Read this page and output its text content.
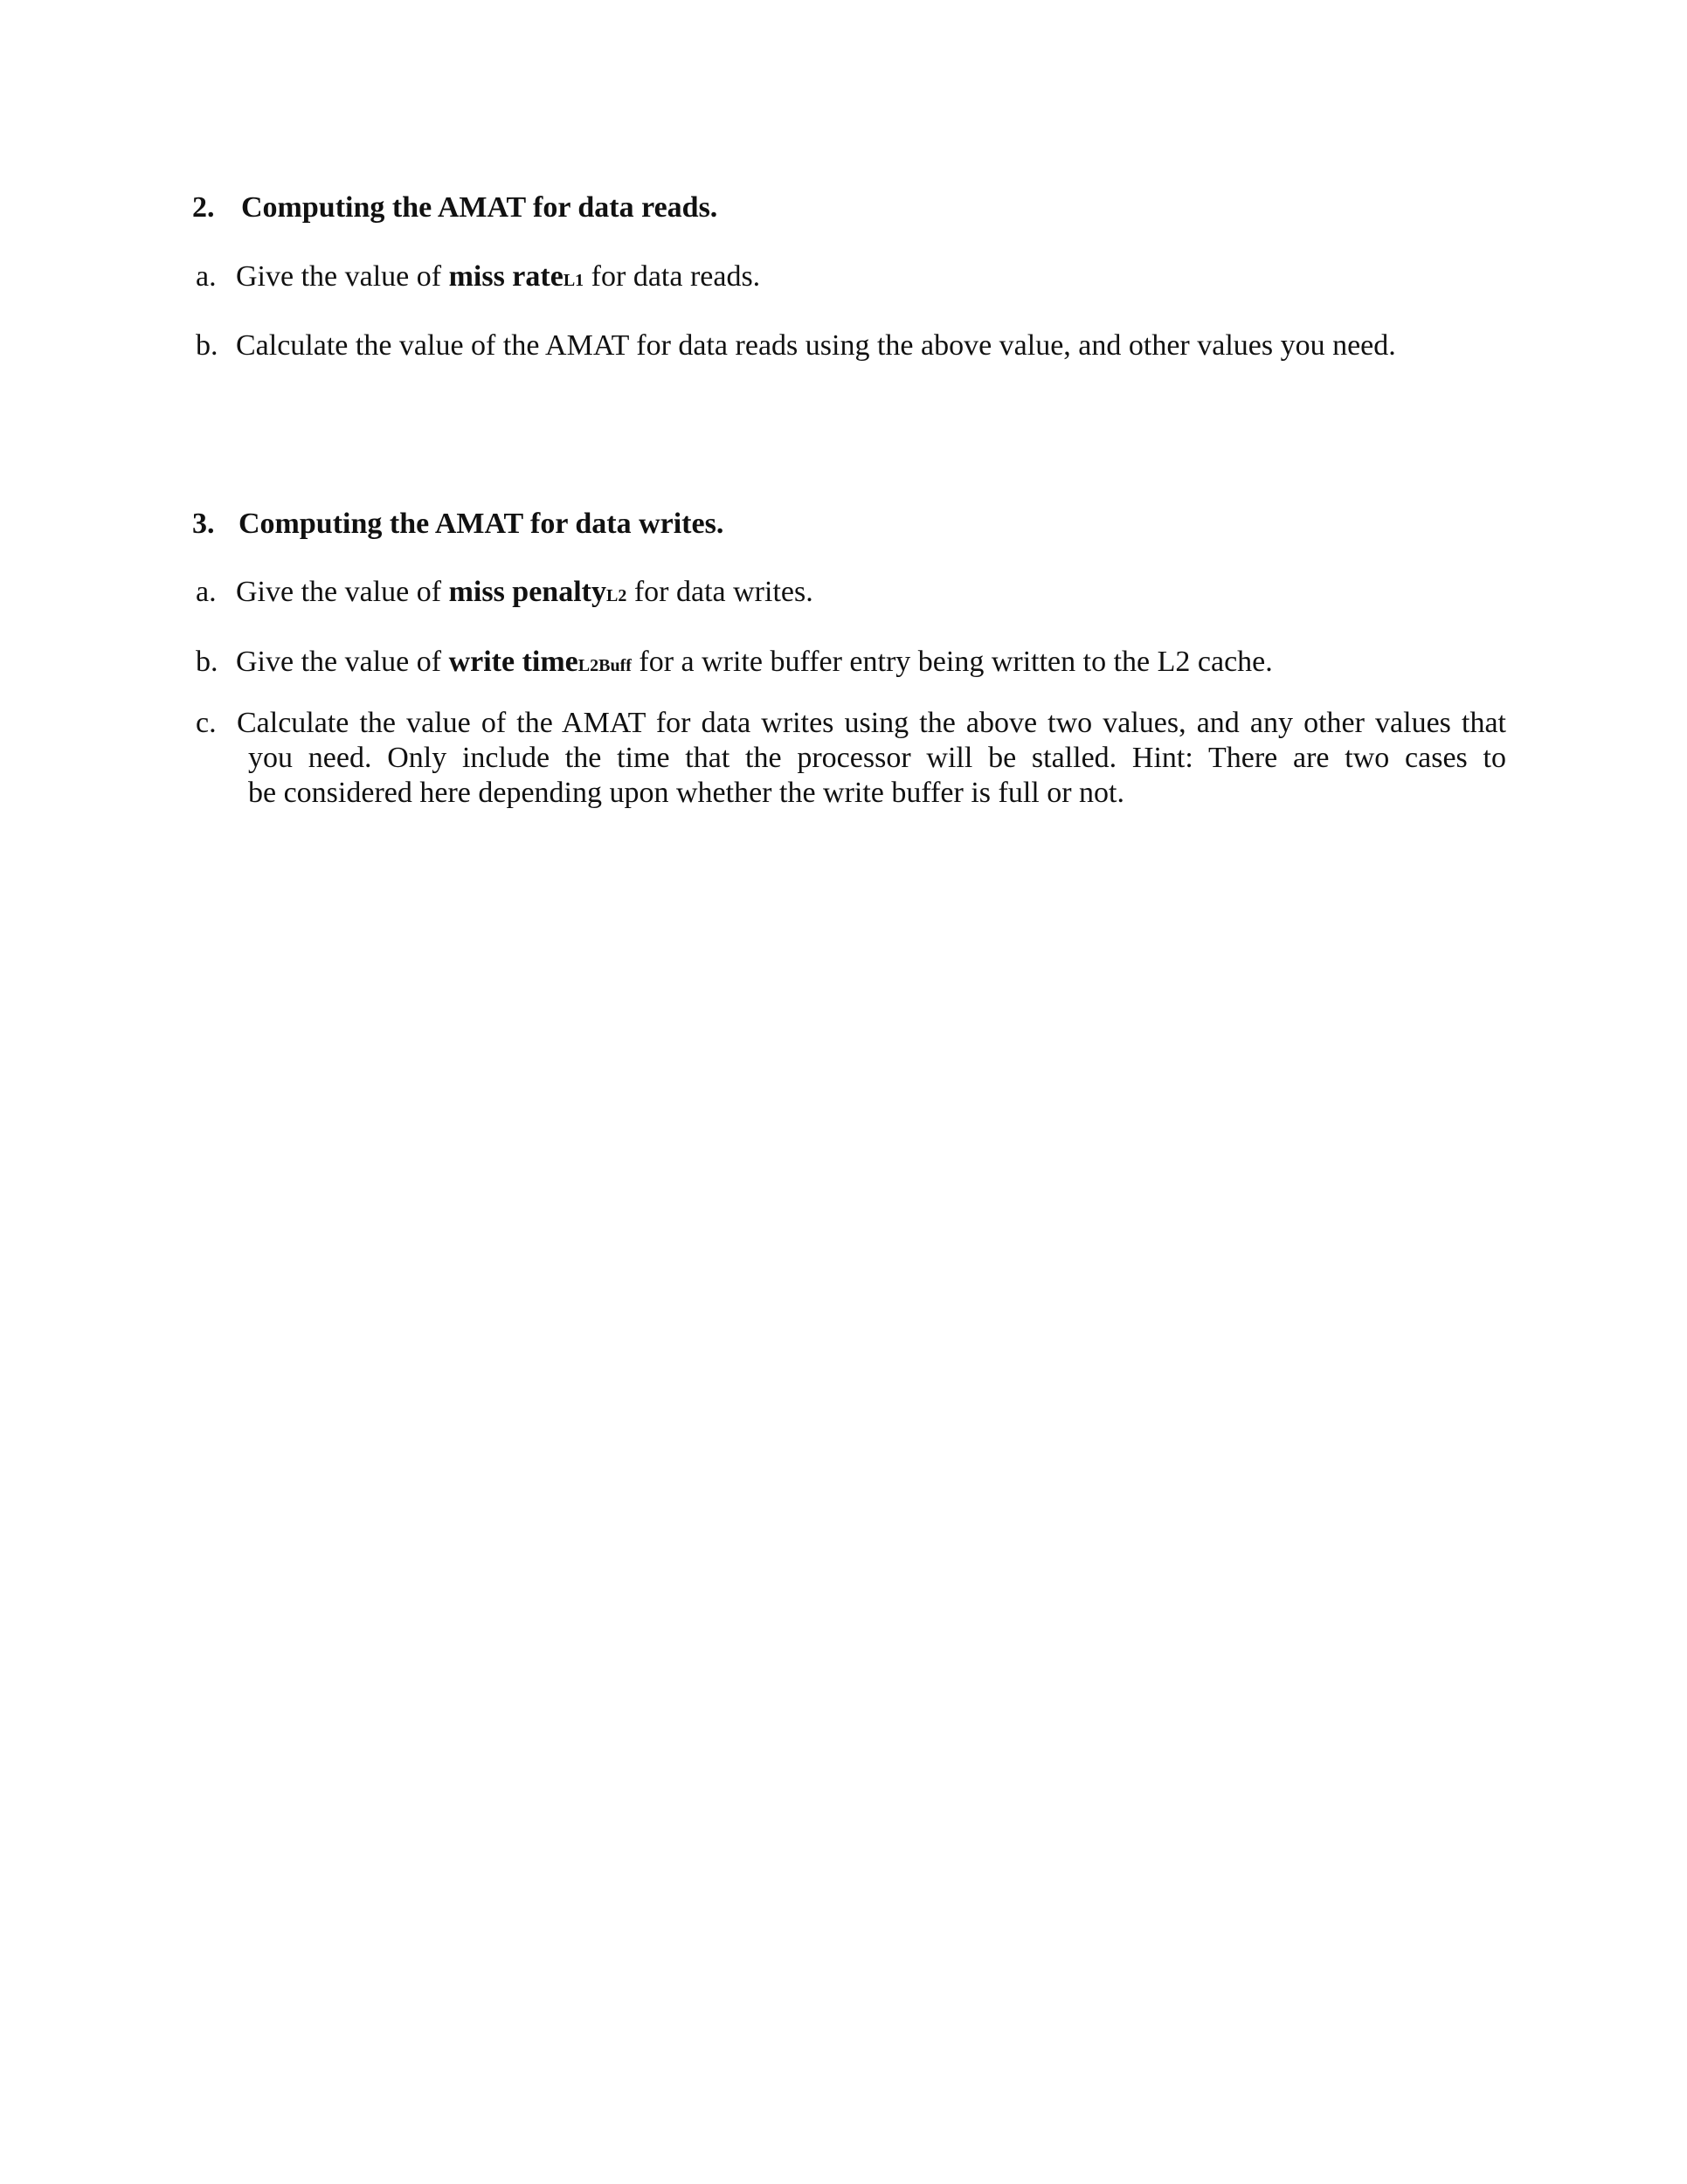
2. Computing the AMAT for data reads.
a. Give the value of miss rateL1 for data reads.
b. Calculate the value of the AMAT for data reads using the above value, and other values you need.
3. Computing the AMAT for data writes.
a. Give the value of miss penaltyL2 for data writes.
b. Give the value of write timeL2Buff for a write buffer entry being written to the L2 cache.
c. Calculate the value of the AMAT for data writes using the above two values, and any other values that
you need. Only include the time that the processor will be stalled. Hint: There are two cases to
be considered here depending upon whether the write buffer is full or not.
